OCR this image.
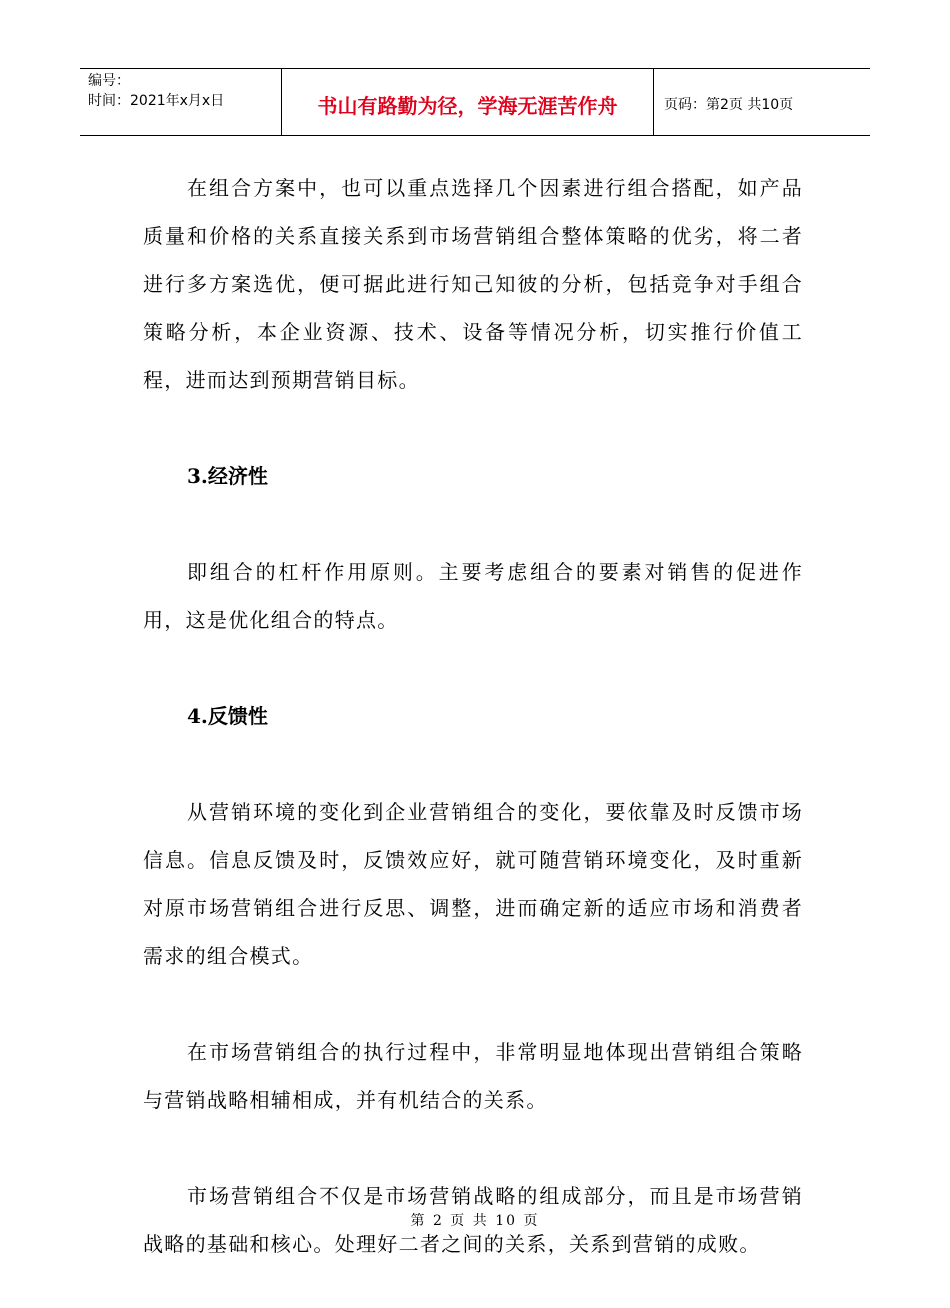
编号：
时间：2021年x月x日	书山有路勤为径，学海无涯苦作舟	页码：第2页 共10页

在组合方案中，也可以重点选择几个因素进行组合搭配，如产品质量和价格的关系直接关系到市场营销组合整体策略的优劣，将二者进行多方案选优，便可据此进行知己知彼的分析，包括竞争对手组合策略分析，本企业资源、技术、设备等情况分析，切实推行价值工程，进而达到预期营销目标。

3.经济性

即组合的杠杆作用原则。主要考虑组合的要素对销售的促进作用，这是优化组合的特点。

4.反馈性

从营销环境的变化到企业营销组合的变化，要依靠及时反馈市场信息。信息反馈及时，反馈效应好，就可随营销环境变化，及时重新对原市场营销组合进行反思、调整，进而确定新的适应市场和消费者需求的组合模式。

在市场营销组合的执行过程中，非常明显地体现出营销组合策略与营销战略相辅相成，并有机结合的关系。

市场营销组合不仅是市场营销战略的组成部分，而且是市场营销战略的基础和核心。处理好二者之间的关系，关系到营销的成败。

第 2 页 共 10 页
